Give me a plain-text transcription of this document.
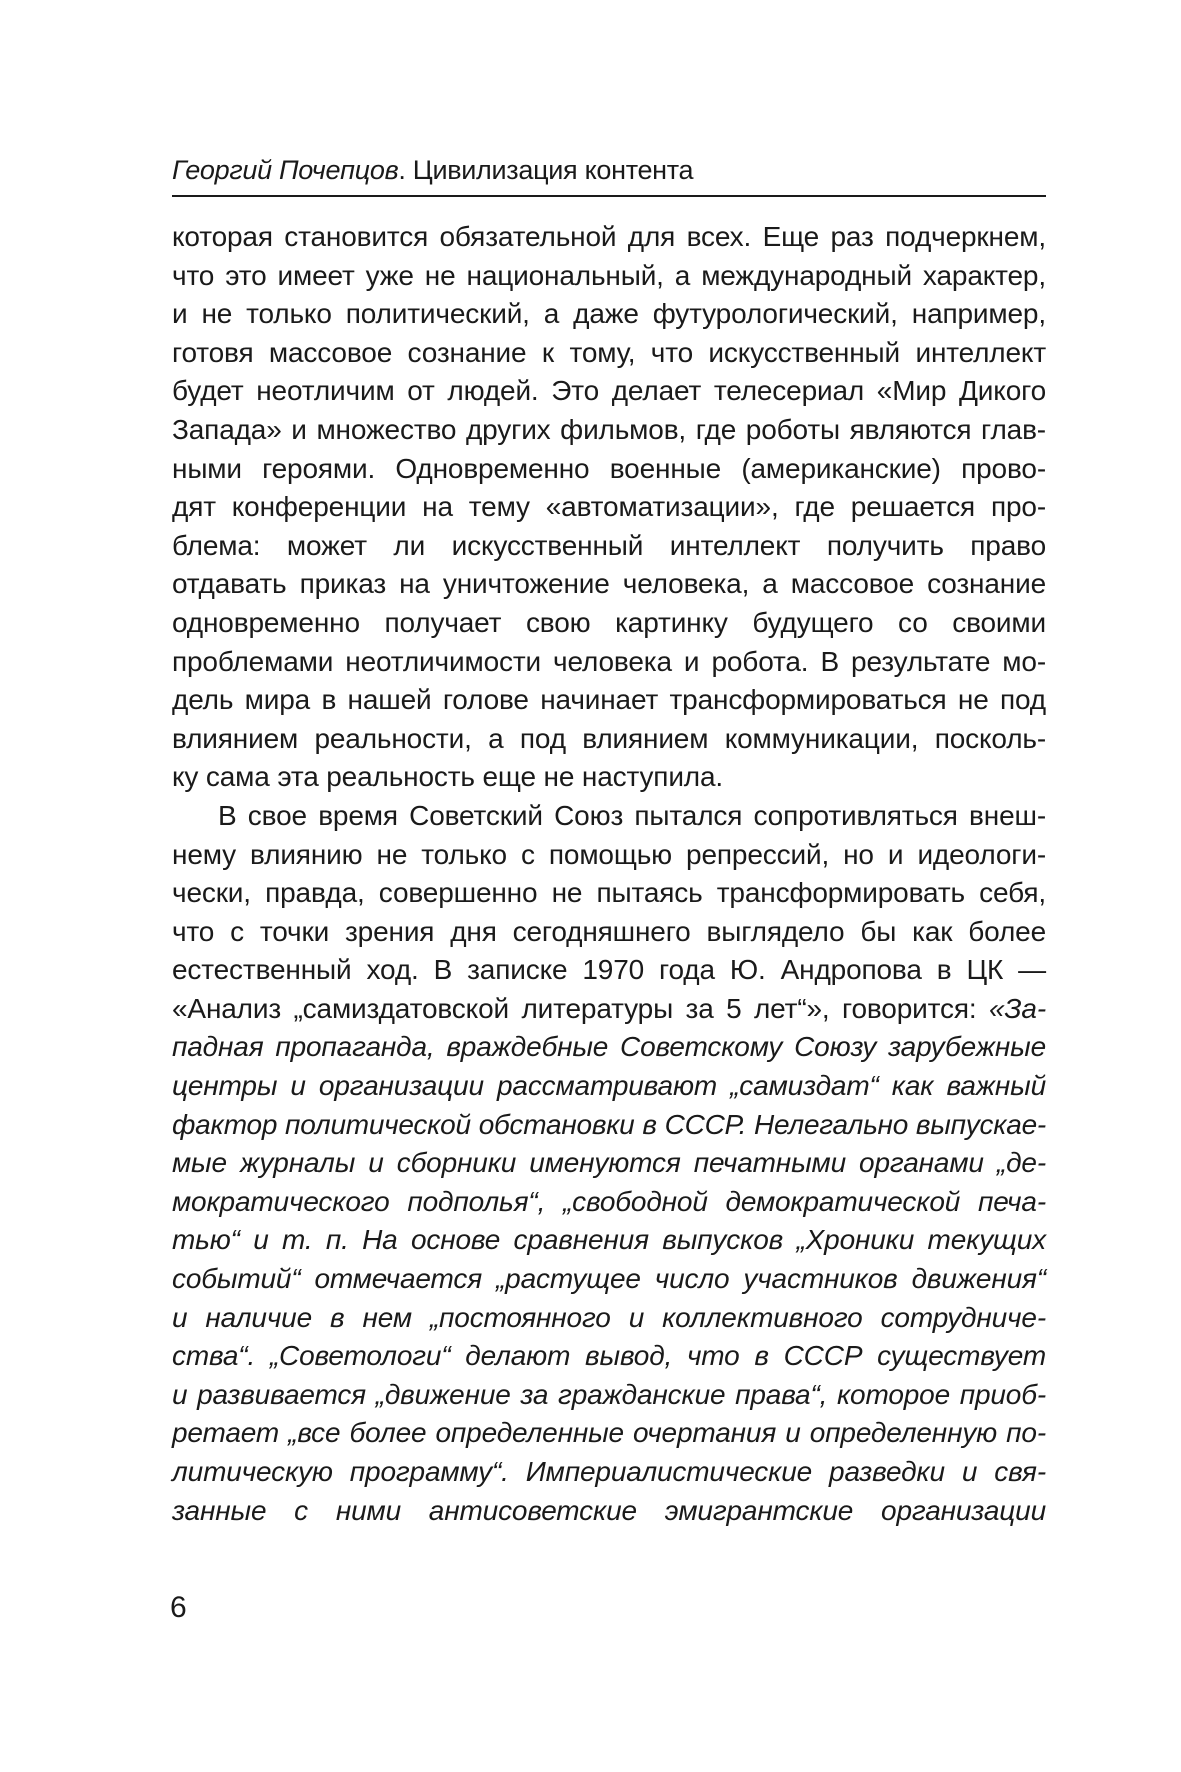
Георгий Почепцов. Цивилизация контента
которая становится обязательной для всех. Еще раз подчеркнем,
что это имеет уже не национальный, а международный характер,
и не только политический, а даже футурологический, например,
готовя массовое сознание к тому, что искусственный интеллект
будет неотличим от людей. Это делает телесериал «Мир Дикого
Запада» и множество других фильмов, где роботы являются глав-
ными героями. Одновременно военные (американские) прово-
дят конференции на тему «автоматизации», где решается про-
блема: может ли искусственный интеллект получить право
отдавать приказ на уничтожение человека, а массовое сознание
одновременно получает свою картинку будущего со своими
проблемами неотличимости человека и робота. В результате мо-
дель мира в нашей голове начинает трансформироваться не под
влиянием реальности, а под влиянием коммуникации, посколь-
ку сама эта реальность еще не наступила.
В свое время Советский Союз пытался сопротивляться внеш-
нему влиянию не только с помощью репрессий, но и идеологи-
чески, правда, совершенно не пытаясь трансформировать себя,
что с точки зрения дня сегодняшнего выглядело бы как более
естественный ход. В записке 1970 года Ю. Андропова в ЦК —
«Анализ „самиздатовской литературы за 5 лет“», говорится: «За-
падная пропаганда, враждебные Советскому Союзу зарубежные
центры и организации рассматривают „самиздат“ как важный
фактор политической обстановки в СССР. Нелегально выпускае-
мые журналы и сборники именуются печатными органами „де-
мократического подполья“, „свободной демократической печа-
тью“ и т. п. На основе сравнения выпусков „Хроники текущих
событий“ отмечается „растущее число участников движения“
и наличие в нем „постоянного и коллективного сотрудниче-
ства“. „Советологи“ делают вывод, что в СССР существует
и развивается „движение за гражданские права“, которое приоб-
ретает „все более определенные очертания и определенную по-
литическую программу“. Империалистические разведки и свя-
занные с ними антисоветские эмигрантские организации
6
